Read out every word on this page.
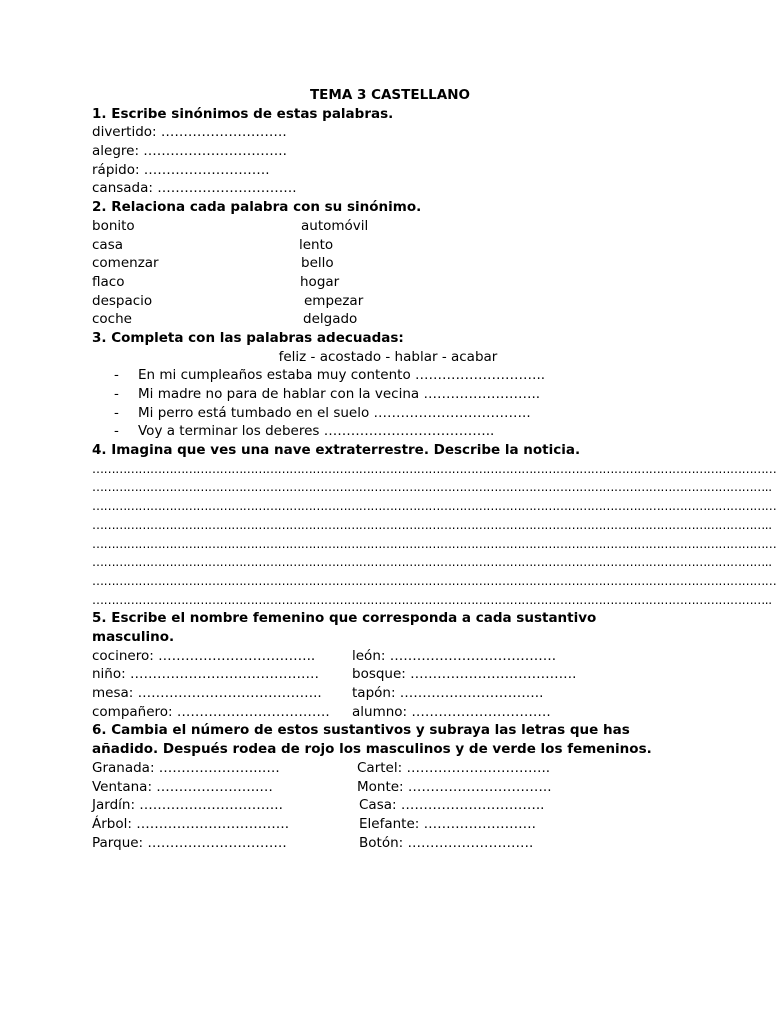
TEMA 3 CASTELLANO
1. Escribe sinónimos de estas palabras.
divertido: ……………………….
alegre: …………………………..
rápido: ……………………….
cansada: ………………………….
2. Relaciona cada palabra con su sinónimo.
bonito	automóvil
casa	lento
comenzar	bello
flaco	hogar
despacio	empezar
coche	delgado
3. Completa con las palabras adecuadas:
feliz - acostado - hablar - acabar
- En mi cumpleaños estaba muy contento ………………………..
- Mi madre no para de hablar con la vecina ……………………..
- Mi perro está tumbado en el suelo ……………………………..
- Voy a terminar los deberes ………………………………..
4. Imagina que ves una nave extraterrestre. Describe la noticia.
……………………………………………………………………………………………………………………………………………………………
…………………………………………………………………………………………………………………………………………………………..
……………………………………………………………………………………………………………………………………………………………
…………………………………………………………………………………………………………………………………………………………..
……………………………………………………………………………………………………………………………………………………………
…………………………………………………………………………………………………………………………………………………………..
……………………………………………………………………………………………………………………………………………………………
…………………………………………………………………………………………………………………………………………………………..
5. Escribe el nombre femenino que corresponda a cada sustantivo masculino.
cocinero: ……………………………..	león: ……………………………….
niño: …………………………………… bosque: ……………………………….
mesa: ………………………………….. tapón: …………………………..
compañero: ……………………………. alumno: ………………………….
6. Cambia el número de estos sustantivos y subraya las letras que has añadido. Después rodea de rojo los masculinos y de verde los femeninos.
Granada: …………………..….	Cartel: …………………………..
Ventana: …………………..…	Monte: …………………………..
Jardín: …………………………..	Casa: …………………………..
Árbol: …………………………….	Elefante: …………………….
Parque: ………………………….	Botón: ……………………….
